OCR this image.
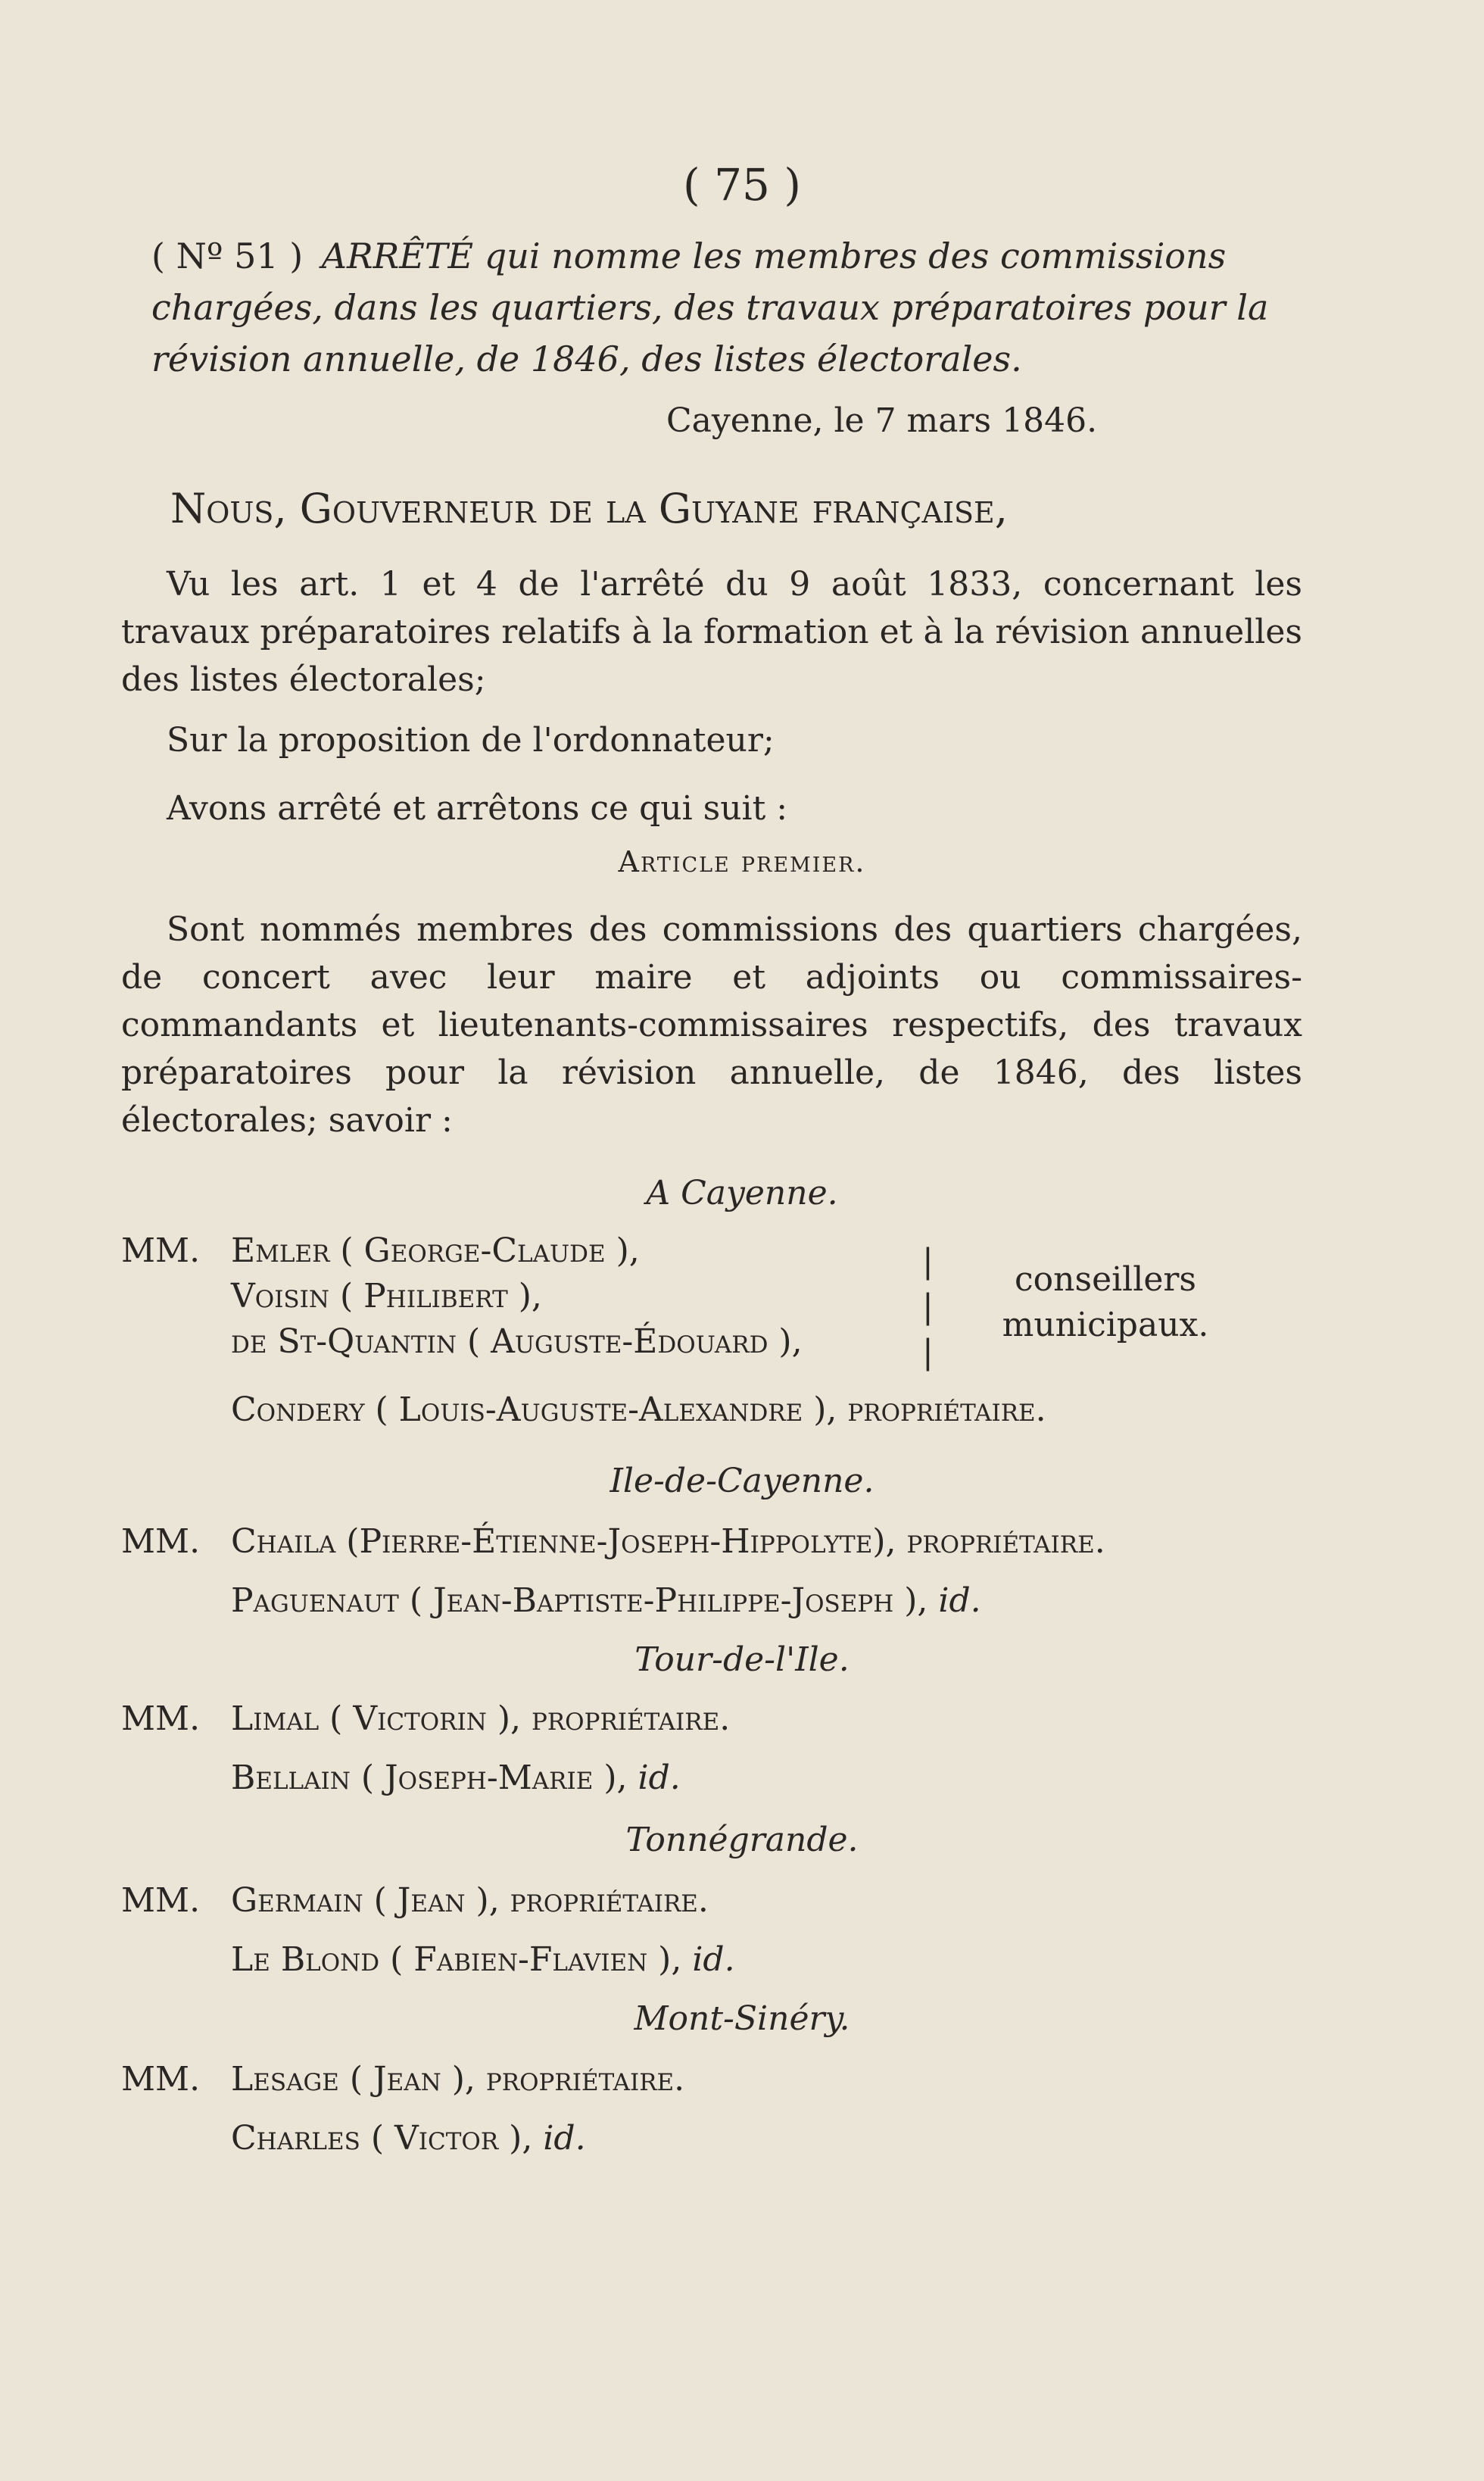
( 75 )
( Nº 51 ) ARRÊTÉ qui nomme les membres des commissions chargées, dans les quartiers, des travaux préparatoires pour la révision annuelle, de 1846, des listes électorales.
Cayenne, le 7 mars 1846.
Nous, Gouverneur de la Guyane française,
Vu les art. 1 et 4 de l'arrêté du 9 août 1833, concernant les travaux préparatoires relatifs à la formation et à la révision annuelles des listes électorales;
Sur la proposition de l'ordonnateur;
Avons arrêté et arrêtons ce qui suit :
Article premier.
Sont nommés membres des commissions des quartiers chargées, de concert avec leur maire et adjoints ou commissaires-commandants et lieutenants-commissaires respectifs, des travaux préparatoires pour la révision annuelle, de 1846, des listes électorales; savoir :
A Cayenne.
MM. Emler ( George-Claude ),
Voisin ( Philibert ),
de St-Quantin ( Auguste-Édouard ),
|
|
|
conseillers
municipaux.
Condery ( Louis-Auguste-Alexandre ), propriétaire.
Ile-de-Cayenne.
MM. Chaila (Pierre-Étienne-Joseph-Hippolyte), propriétaire.
Paguenaut ( Jean-Baptiste-Philippe-Joseph ), id.
Tour-de-l'Ile.
MM. Limal ( Victorin ), propriétaire.
Bellain ( Joseph-Marie ), id.
Tonnégrande.
MM. Germain ( Jean ), propriétaire.
Le Blond ( Fabien-Flavien ), id.
Mont-Sinéry.
MM. Lesage ( Jean ), propriétaire.
Charles ( Victor ), id.
